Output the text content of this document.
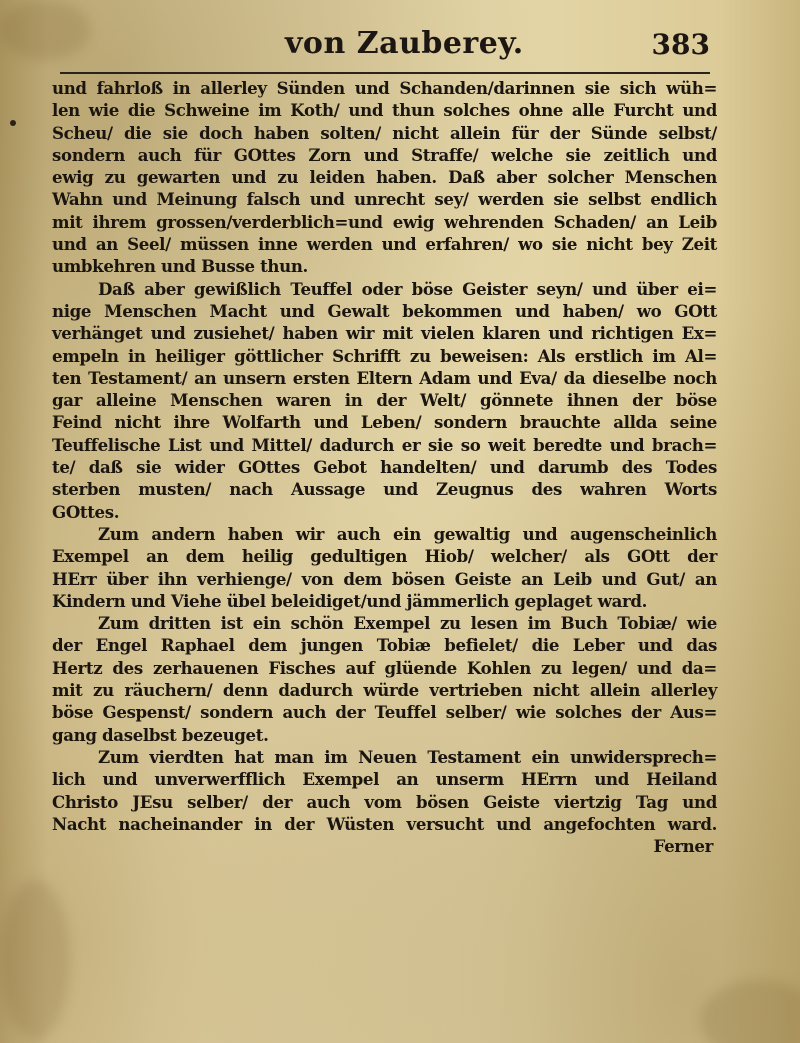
von Zauberey.	383
und fahrloß in allerley Sünden und Schanden/darinnen sie sich wüh=
len wie die Schweine im Koth/ und thun solches ohne alle Furcht und
Scheu/ die sie doch haben solten/ nicht allein für der Sünde selbst/
sondern auch für GOttes Zorn und Straffe/ welche sie zeitlich und
ewig zu gewarten und zu leiden haben. Daß aber solcher Menschen
Wahn und Meinung falsch und unrecht sey/ werden sie selbst endlich
mit ihrem grossen/verderblich=und ewig wehrenden Schaden/ an Leib
und an Seel/ müssen inne werden und erfahren/ wo sie nicht bey Zeit
umbkehren und Busse thun.
Daß aber gewißlich Teuffel oder böse Geister seyn/ und über ei=
nige Menschen Macht und Gewalt bekommen und haben/ wo GOtt
verhänget und zusiehet/ haben wir mit vielen klaren und richtigen Ex=
empeln in heiliger göttlicher Schrifft zu beweisen: Als erstlich im Al=
ten Testament/ an unsern ersten Eltern Adam und Eva/ da dieselbe noch
gar alleine Menschen waren in der Welt/ gönnete ihnen der böse
Feind nicht ihre Wolfarth und Leben/ sondern brauchte allda seine
Teuffelische List und Mittel/ dadurch er sie so weit beredte und brach=
te/ daß sie wider GOttes Gebot handelten/ und darumb des Todes
sterben musten/ nach Aussage und Zeugnus des wahren Worts
GOttes.
Zum andern haben wir auch ein gewaltig und augenscheinlich
Exempel an dem heilig gedultigen Hiob/ welcher/ als GOtt der
HErr über ihn verhienge/ von dem bösen Geiste an Leib und Gut/ an
Kindern und Viehe übel beleidiget/und jämmerlich geplaget ward.
Zum dritten ist ein schön Exempel zu lesen im Buch Tobiæ/ wie
der Engel Raphael dem jungen Tobiæ befielet/ die Leber und das
Hertz des zerhauenen Fisches auf glüende Kohlen zu legen/ und da=
mit zu räuchern/ denn dadurch würde vertrieben nicht allein allerley
böse Gespenst/ sondern auch der Teuffel selber/ wie solches der Aus=
gang daselbst bezeuget.
Zum vierdten hat man im Neuen Testament ein unwidersprech=
lich und unverwerfflich Exempel an unserm HErrn und Heiland
Christo JEsu selber/ der auch vom bösen Geiste viertzig Tag und
Nacht nacheinander in der Wüsten versucht und angefochten ward.
Ferner
